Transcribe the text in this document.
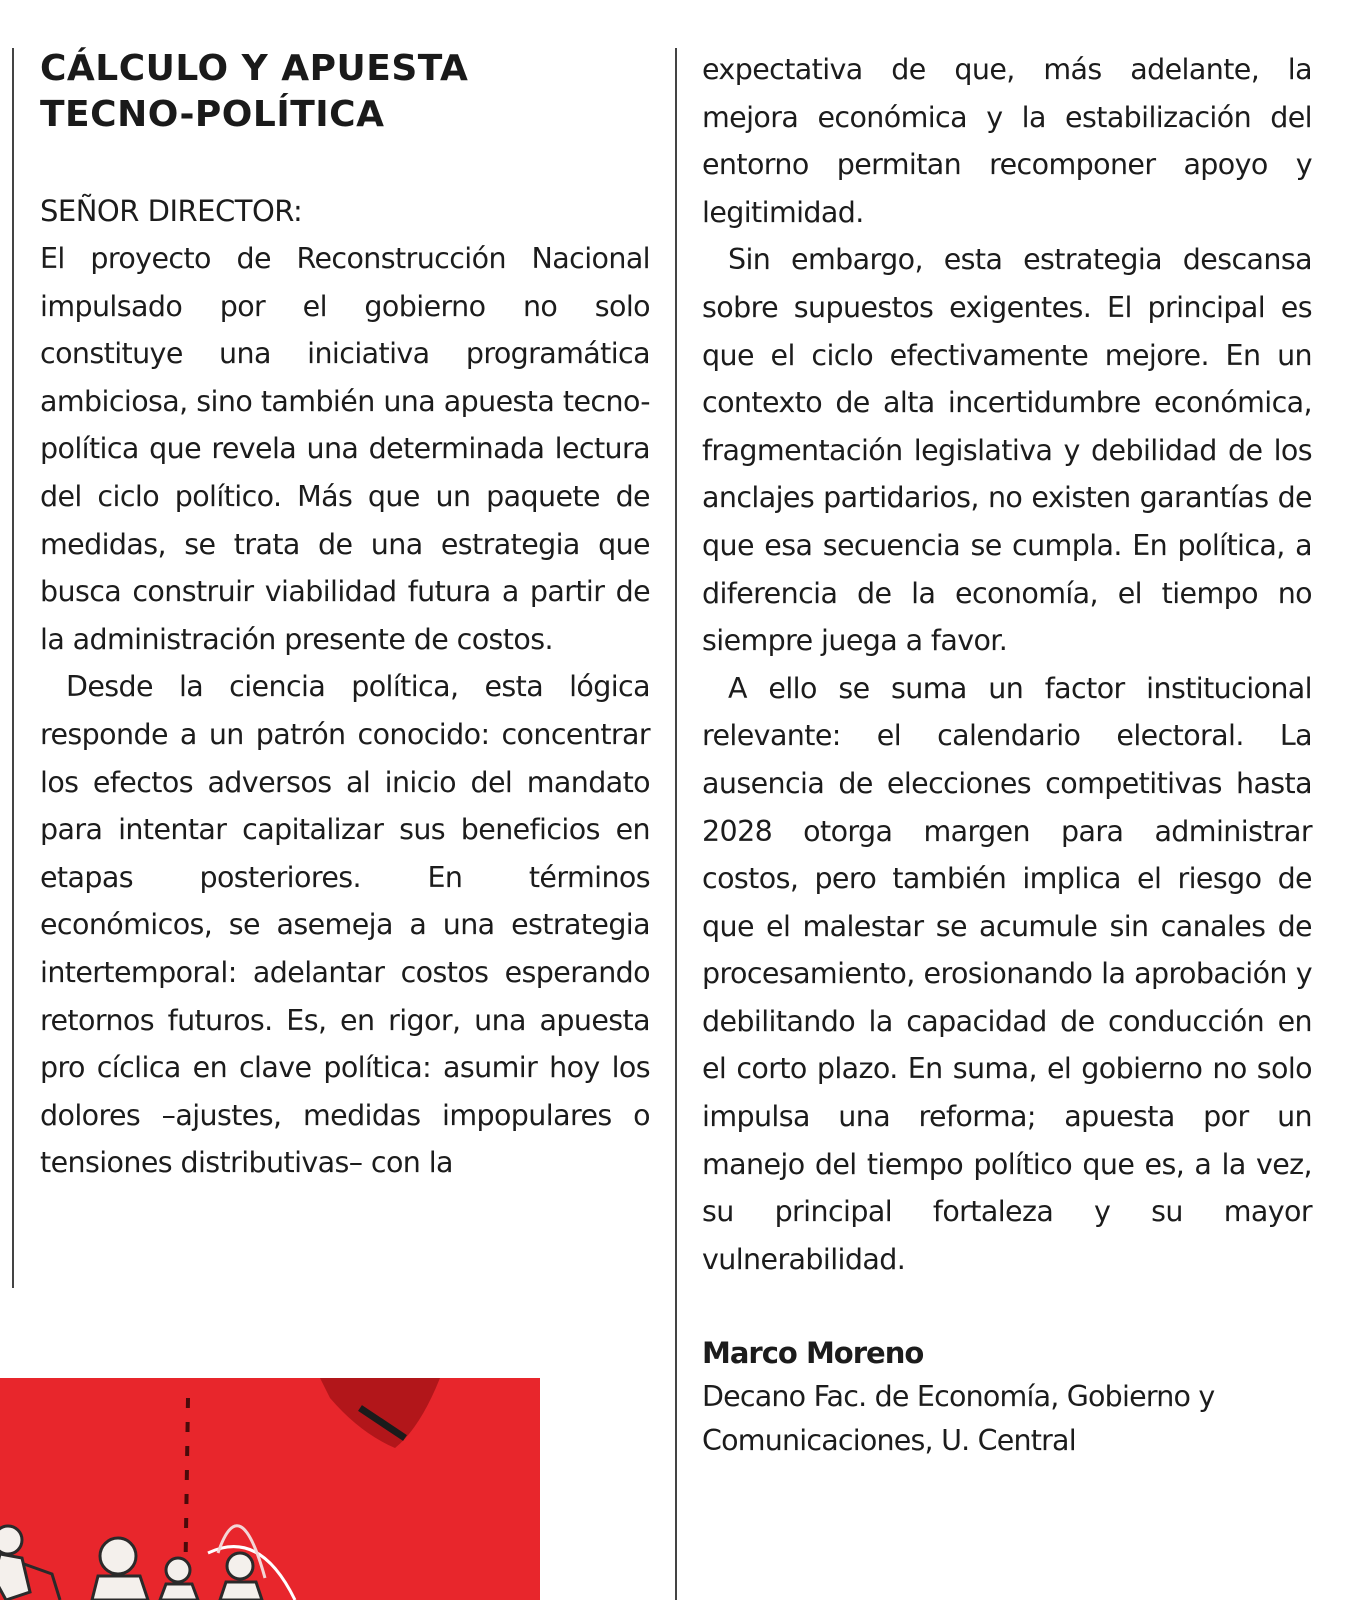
CÁLCULO Y APUESTA
TECNO-POLÍTICA

SEÑOR DIRECTOR:

El proyecto de Reconstrucción Nacional impulsado por el gobierno no solo constituye una iniciativa programática ambiciosa, sino también una apuesta tecno-política que revela una determinada lectura del ciclo político. Más que un paquete de medidas, se trata de una estrategia que busca construir viabilidad futura a partir de la administración presente de costos.

Desde la ciencia política, esta lógica responde a un patrón conocido: concentrar los efectos adversos al inicio del mandato para intentar capitalizar sus beneficios en etapas posteriores. En términos económicos, se asemeja a una estrategia intertemporal: adelantar costos esperando retornos futuros. Es, en rigor, una apuesta pro cíclica en clave política: asumir hoy los dolores –ajustes, medidas impopulares o tensiones distributivas– con la

expectativa de que, más adelante, la mejora económica y la estabilización del entorno permitan recomponer apoyo y legitimidad.

Sin embargo, esta estrategia descansa sobre supuestos exigentes. El principal es que el ciclo efectivamente mejore. En un contexto de alta incertidumbre económica, fragmentación legislativa y debilidad de los anclajes partidarios, no existen garantías de que esa secuencia se cumpla. En política, a diferencia de la economía, el tiempo no siempre juega a favor.

A ello se suma un factor institucional relevante: el calendario electoral. La ausencia de elecciones competitivas hasta 2028 otorga margen para administrar costos, pero también implica el riesgo de que el malestar se acumule sin canales de procesamiento, erosionando la aprobación y debilitando la capacidad de conducción en el corto plazo. En suma, el gobierno no solo impulsa una reforma; apuesta por un manejo del tiempo político que es, a la vez, su principal fortaleza y su mayor vulnerabilidad.

Marco Moreno

Decano Fac. de Economía, Gobierno y Comunicaciones, U. Central
